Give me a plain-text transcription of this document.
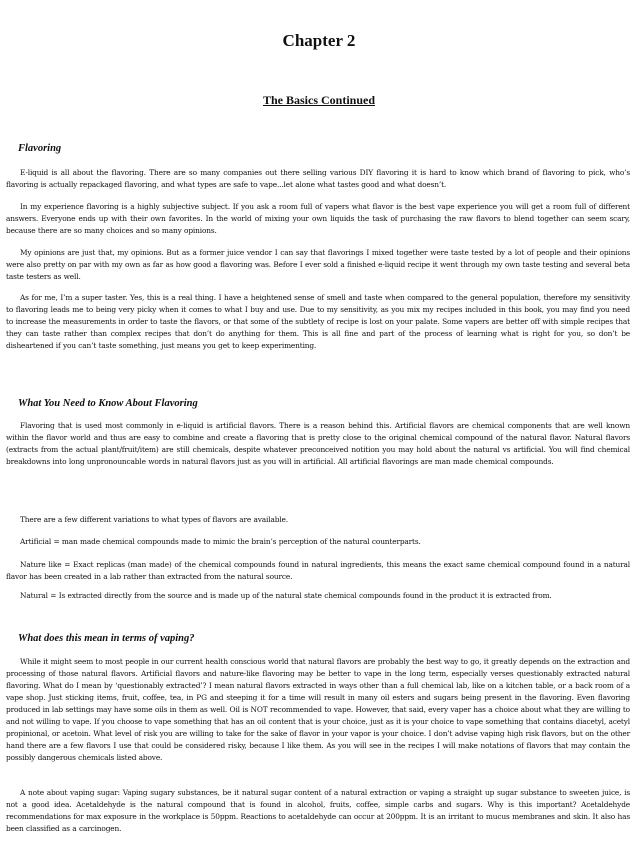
Chapter 2
The Basics Continued
Flavoring
E-liquid is all about the flavoring. There are so many companies out there selling various DIY flavoring it is hard to know which brand of flavoring to pick, who’s flavoring is actually repackaged flavoring, and what types are safe to vape...let alone what tastes good and what doesn’t.
In my experience flavoring is a highly subjective subject. If you ask a room full of vapers what flavor is the best vape experience you will get a room full of different answers. Everyone ends up with their own favorites. In the world of mixing your own liquids the task of purchasing the raw flavors to blend together can seem scary, because there are so many choices and so many opinions.
My opinions are just that, my opinions. But as a former juice vendor I can say that flavorings I mixed together were taste tested by a lot of people and their opinions were also pretty on par with my own as far as how good a flavoring was. Before I ever sold a finished e-liquid recipe it went through my own taste testing and several beta taste testers as well.
As for me, I’m a super taster. Yes, this is a real thing. I have a heightened sense of smell and taste when compared to the general population, therefore my sensitivity to flavoring leads me to being very picky when it comes to what I buy and use. Due to my sensitivity, as you mix my recipes included in this book, you may find you need to increase the measurements in order to taste the flavors, or that some of the subtlety of recipe is lost on your palate. Some vapers are better off with simple recipes that they can taste rather than complex recipes that don’t do anything for them. This is all fine and part of the process of learning what is right for you, so don’t be disheartened if you can’t taste something, just means you get to keep experimenting.
What You Need to Know About Flavoring
Flavoring that is used most commonly in e-liquid is artificial flavors. There is a reason behind this. Artificial flavors are chemical components that are well known within the flavor world and thus are easy to combine and create a flavoring that is pretty close to the original chemical compound of the natural flavor. Natural flavors (extracts from the actual plant/fruit/item) are still chemicals, despite whatever preconceived notition you may hold about the natural vs artificial. You will find chemical breakdowns into long unpronouncable words in natural flavors just as you will in artificial. All artificial flavorings are man made chemical compounds.
There are a few different variations to what types of flavors are available.
Artificial = man made chemical compounds made to mimic the brain’s perception of the natural counterparts.
Nature like = Exact replicas (man made) of the chemical compounds found in natural ingredients, this means the exact same chemical compound found in a natural flavor has been created in a lab rather than extracted from the natural source.
Natural = Is extracted directly from the source and is made up of the natural state chemical compounds found in the product it is extracted from.
What does this mean in terms of vaping?
While it might seem to most people in our current health conscious world that natural flavors are probably the best way to go, it greatly depends on the extraction and processing of those natural flavors. Artificial flavors and nature-like flavoring may be better to vape in the long term, especially verses questionably extracted natural flavoring. What do I mean by ‘questionably extracted’? I mean natural flavors extracted in ways other than a full chemical lab, like on a kitchen table, or a back room of a vape shop. Just sticking items, fruit, coffee, tea, in PG and steeping it for a time will result in many oil esters and sugars being present in the flavoring. Even flavoring produced in lab settings may have some oils in them as well. Oil is NOT recommended to vape. However, that said, every vaper has a choice about what they are willing to and not willing to vape. If you choose to vape something that has an oil content that is your choice, just as it is your choice to vape something that contains diacetyl, acetyl propinional, or acetoin. What level of risk you are willing to take for the sake of flavor in your vapor is your choice. I don’t advise vaping high risk flavors, but on the other hand there are a few flavors I use that could be considered risky, because I like them. As you will see in the recipes I will make notations of flavors that may contain the possibly dangerous chemicals listed above.
A note about vaping sugar: Vaping sugary substances, be it natural sugar content of a natural extraction or vaping a straight up sugar substance to sweeten juice, is not a good idea. Acetaldehyde is the natural compound that is found in alcohol, fruits, coffee, simple carbs and sugars. Why is this important? Acetaldehyde recommendations for max exposure in the workplace is 50ppm. Reactions to acetaldehyde can occur at 200ppm. It is an irritant to mucus membranes and skin. It also has been classified as a carcinogen.
